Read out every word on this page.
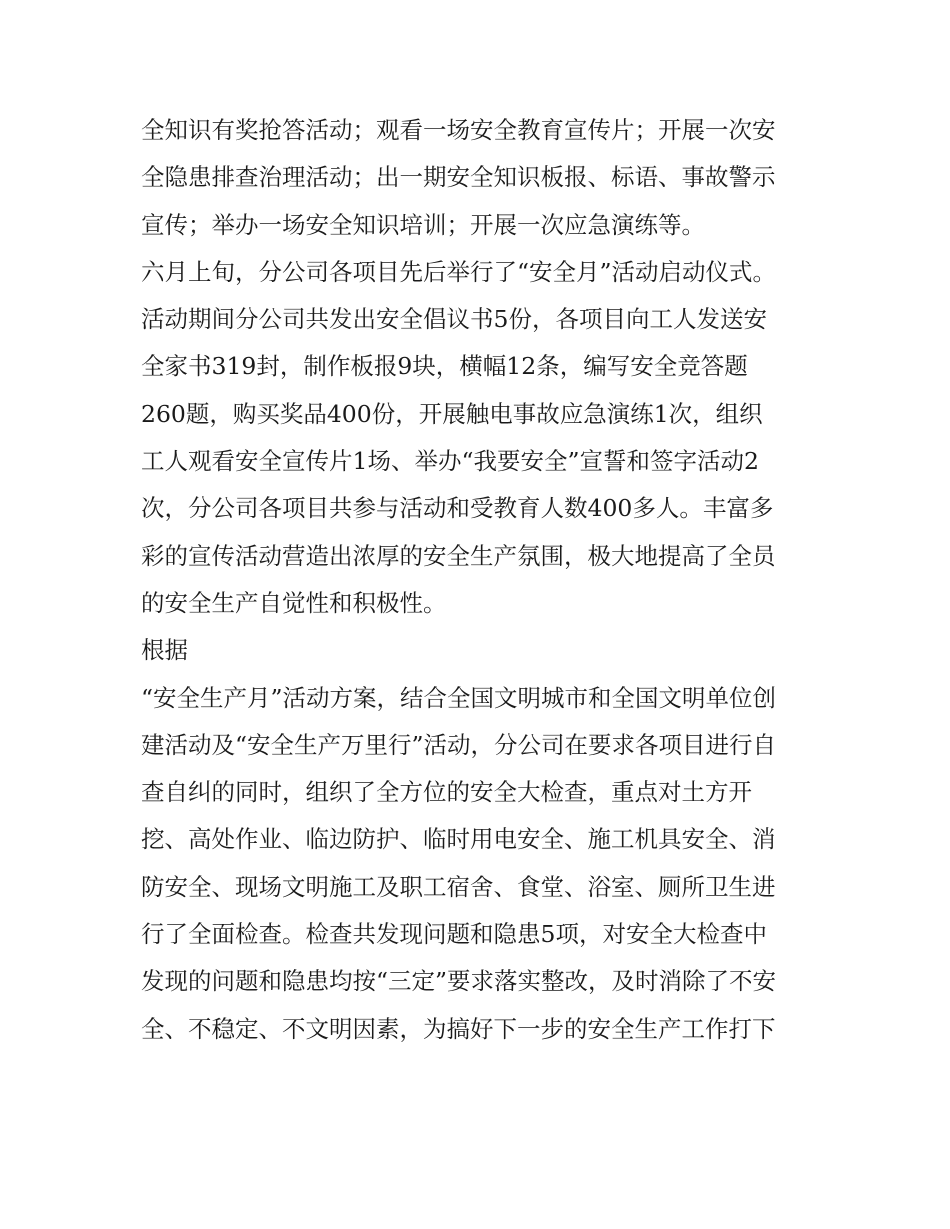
全知识有奖抢答活动；观看一场安全教育宣传片；开展一次安
全隐患排查治理活动；出一期安全知识板报、标语、事故警示
宣传；举办一场安全知识培训；开展一次应急演练等。
六月上旬，分公司各项目先后举行了“安全月”活动启动仪式。
活动期间分公司共发出安全倡议书5份，各项目向工人发送安
全家书319封，制作板报9块，横幅12条，编写安全竞答题
260题，购买奖品400份，开展触电事故应急演练1次，组织
工人观看安全宣传片1场、举办“我要安全”宣誓和签字活动2
次，分公司各项目共参与活动和受教育人数400多人。丰富多
彩的宣传活动营造出浓厚的安全生产氛围，极大地提高了全员
的安全生产自觉性和积极性。
根据
“安全生产月”活动方案，结合全国文明城市和全国文明单位创
建活动及“安全生产万里行”活动，分公司在要求各项目进行自
查自纠的同时，组织了全方位的安全大检查，重点对土方开
挖、高处作业、临边防护、临时用电安全、施工机具安全、消
防安全、现场文明施工及职工宿舍、食堂、浴室、厕所卫生进
行了全面检查。检查共发现问题和隐患5项，对安全大检查中
发现的问题和隐患均按“三定”要求落实整改，及时消除了不安
全、不稳定、不文明因素，为搞好下一步的安全生产工作打下
